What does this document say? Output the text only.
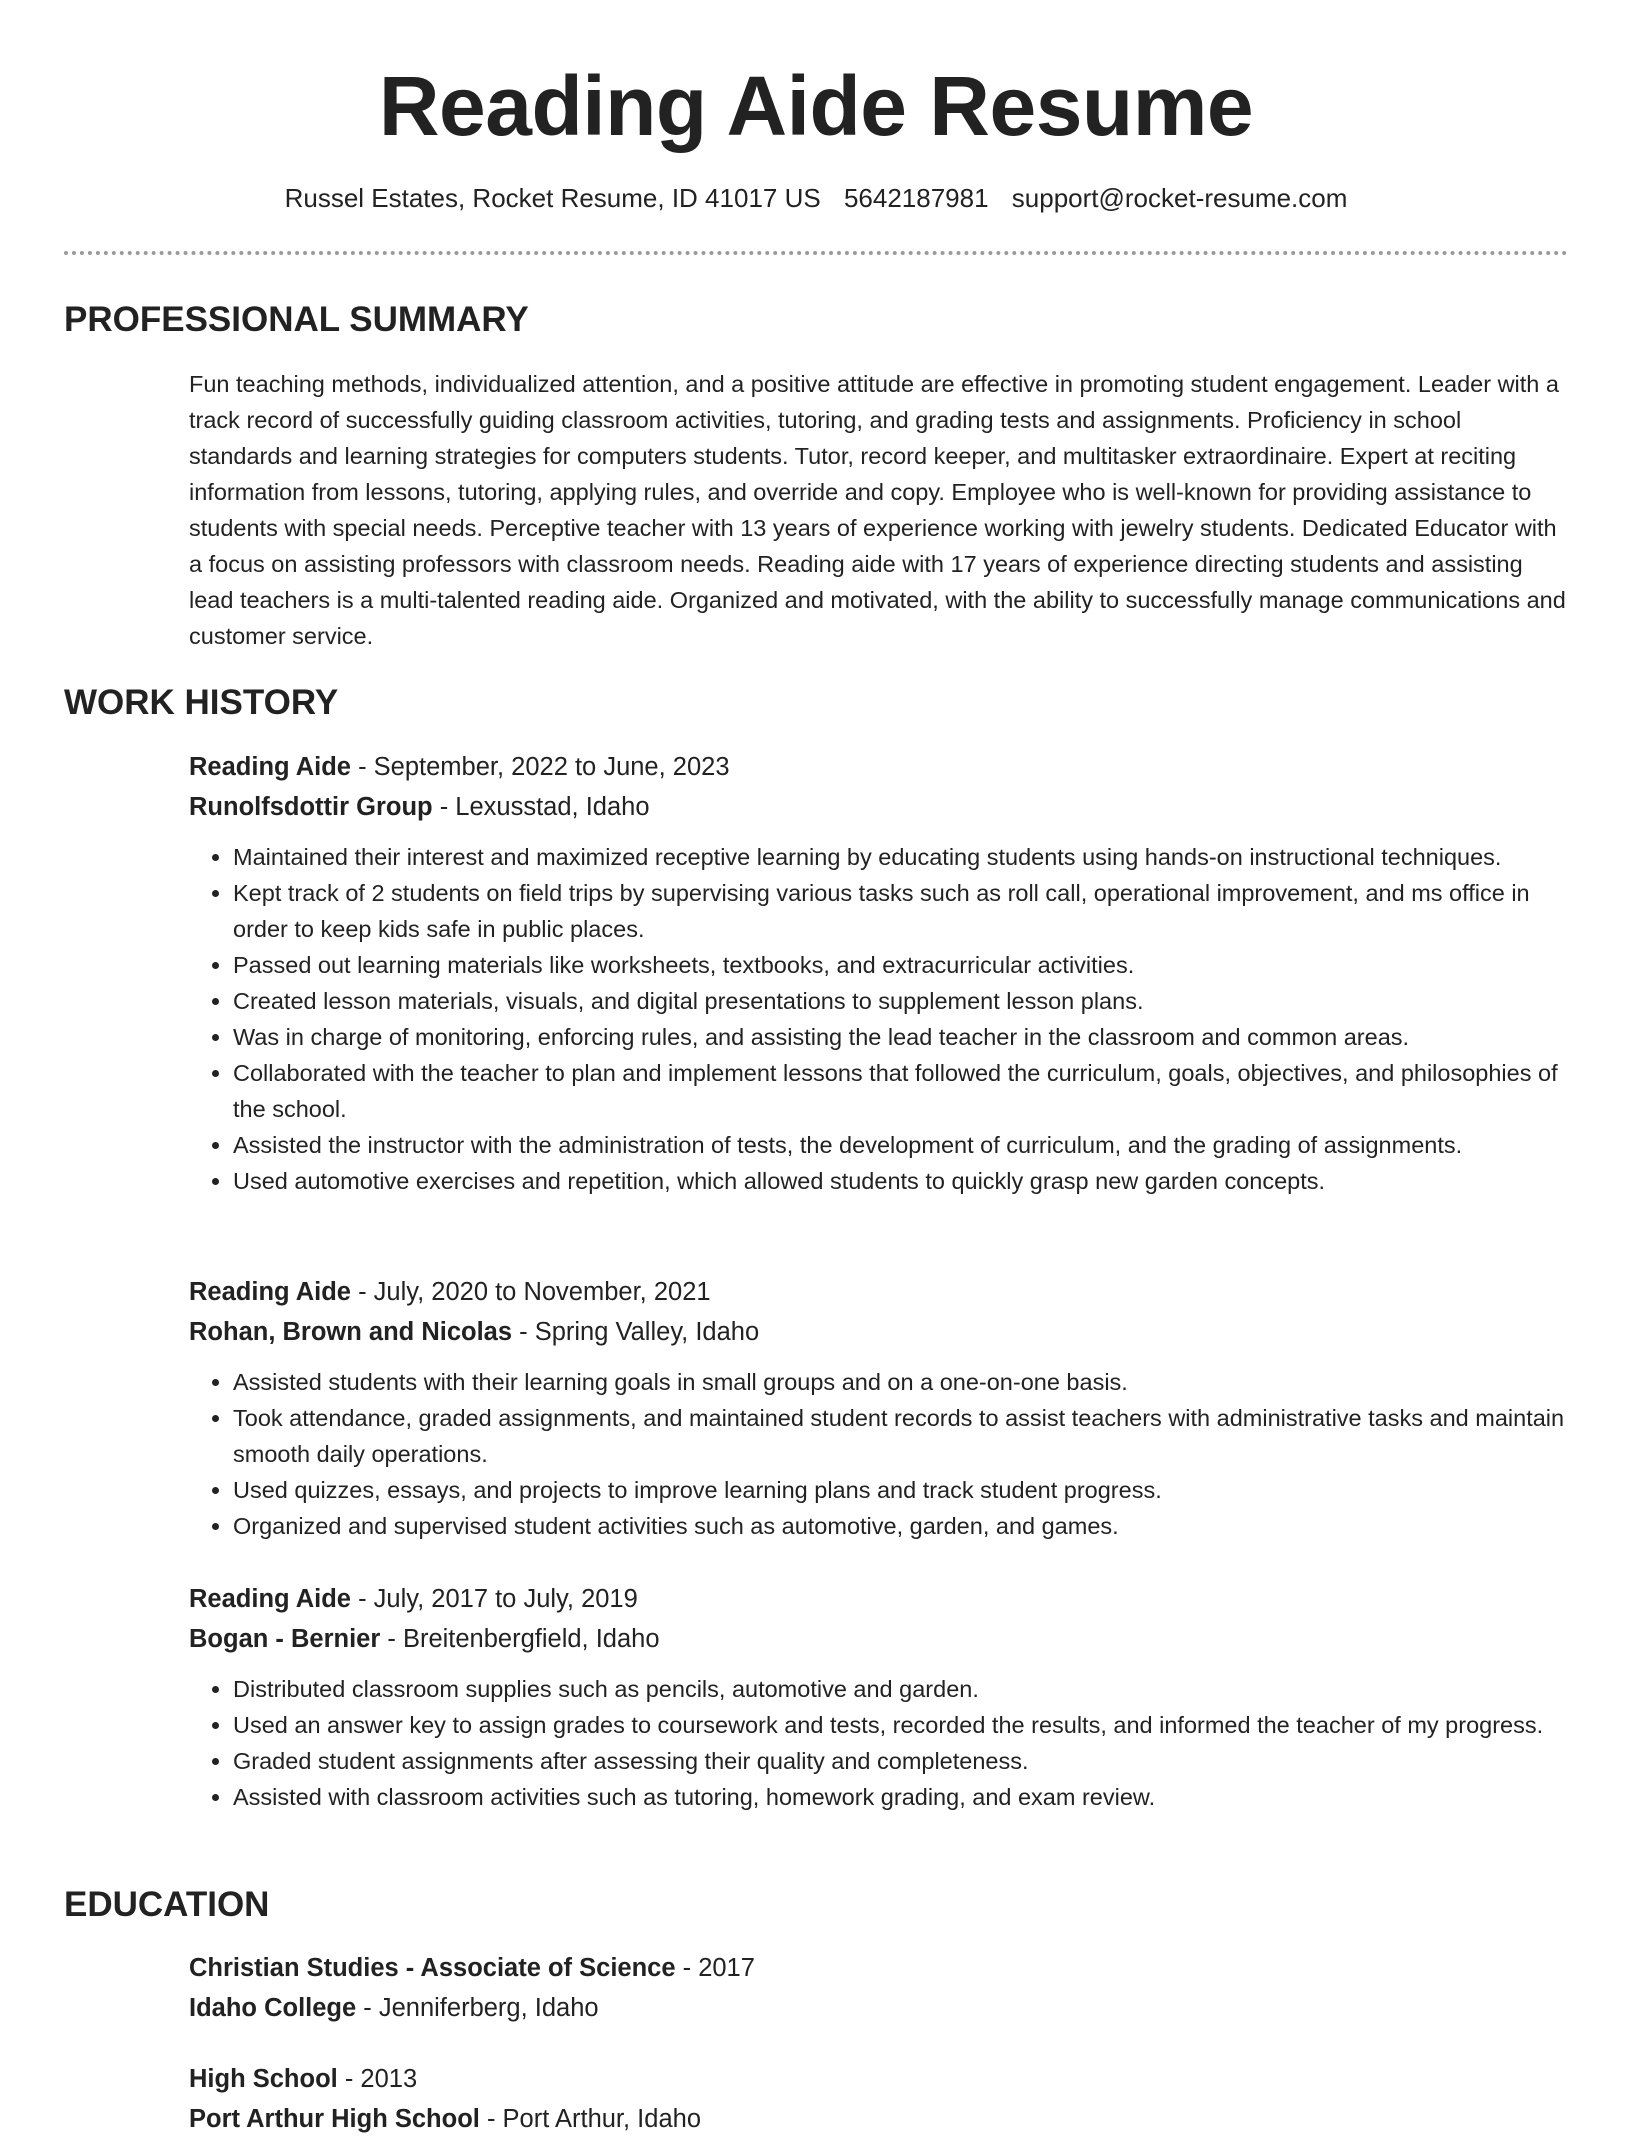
Reading Aide Resume
Russel Estates, Rocket Resume, ID 41017 US 5642187981 support@rocket-resume.com
PROFESSIONAL SUMMARY

Fun teaching methods, individualized attention, and a positive attitude are effective in promoting student engagement. Leader with a track record of successfully guiding classroom activities, tutoring, and grading tests and assignments. Proficiency in school standards and learning strategies for computers students. Tutor, record keeper, and multitasker extraordinaire. Expert at reciting information from lessons, tutoring, applying rules, and override and copy. Employee who is well-known for providing assistance to students with special needs. Perceptive teacher with 13 years of experience working with jewelry students. Dedicated Educator with a focus on assisting professors with classroom needs. Reading aide with 17 years of experience directing students and assisting lead teachers is a multi-talented reading aide. Organized and motivated, with the ability to successfully manage communications and customer service.

WORK HISTORY
Reading Aide - September, 2022 to June, 2023
Runolfsdottir Group - Lexusstad, Idaho
• Maintained their interest and maximized receptive learning by educating students using hands-on instructional techniques.
• Kept track of 2 students on field trips by supervising various tasks such as roll call, operational improvement, and ms office in order to keep kids safe in public places.
• Passed out learning materials like worksheets, textbooks, and extracurricular activities.
• Created lesson materials, visuals, and digital presentations to supplement lesson plans.
• Was in charge of monitoring, enforcing rules, and assisting the lead teacher in the classroom and common areas.
• Collaborated with the teacher to plan and implement lessons that followed the curriculum, goals, objectives, and philosophies of the school.
• Assisted the instructor with the administration of tests, the development of curriculum, and the grading of assignments.
• Used automotive exercises and repetition, which allowed students to quickly grasp new garden concepts.
Reading Aide - July, 2020 to November, 2021
Rohan, Brown and Nicolas - Spring Valley, Idaho
• Assisted students with their learning goals in small groups and on a one-on-one basis.
• Took attendance, graded assignments, and maintained student records to assist teachers with administrative tasks and maintain smooth daily operations.
• Used quizzes, essays, and projects to improve learning plans and track student progress.
• Organized and supervised student activities such as automotive, garden, and games.
Reading Aide - July, 2017 to July, 2019
Bogan - Bernier - Breitenbergfield, Idaho
• Distributed classroom supplies such as pencils, automotive and garden.
• Used an answer key to assign grades to coursework and tests, recorded the results, and informed the teacher of my progress.
• Graded student assignments after assessing their quality and completeness.
• Assisted with classroom activities such as tutoring, homework grading, and exam review.
EDUCATION
Christian Studies - Associate of Science - 2017
Idaho College - Jenniferberg, Idaho
High School - 2013
Port Arthur High School - Port Arthur, Idaho
